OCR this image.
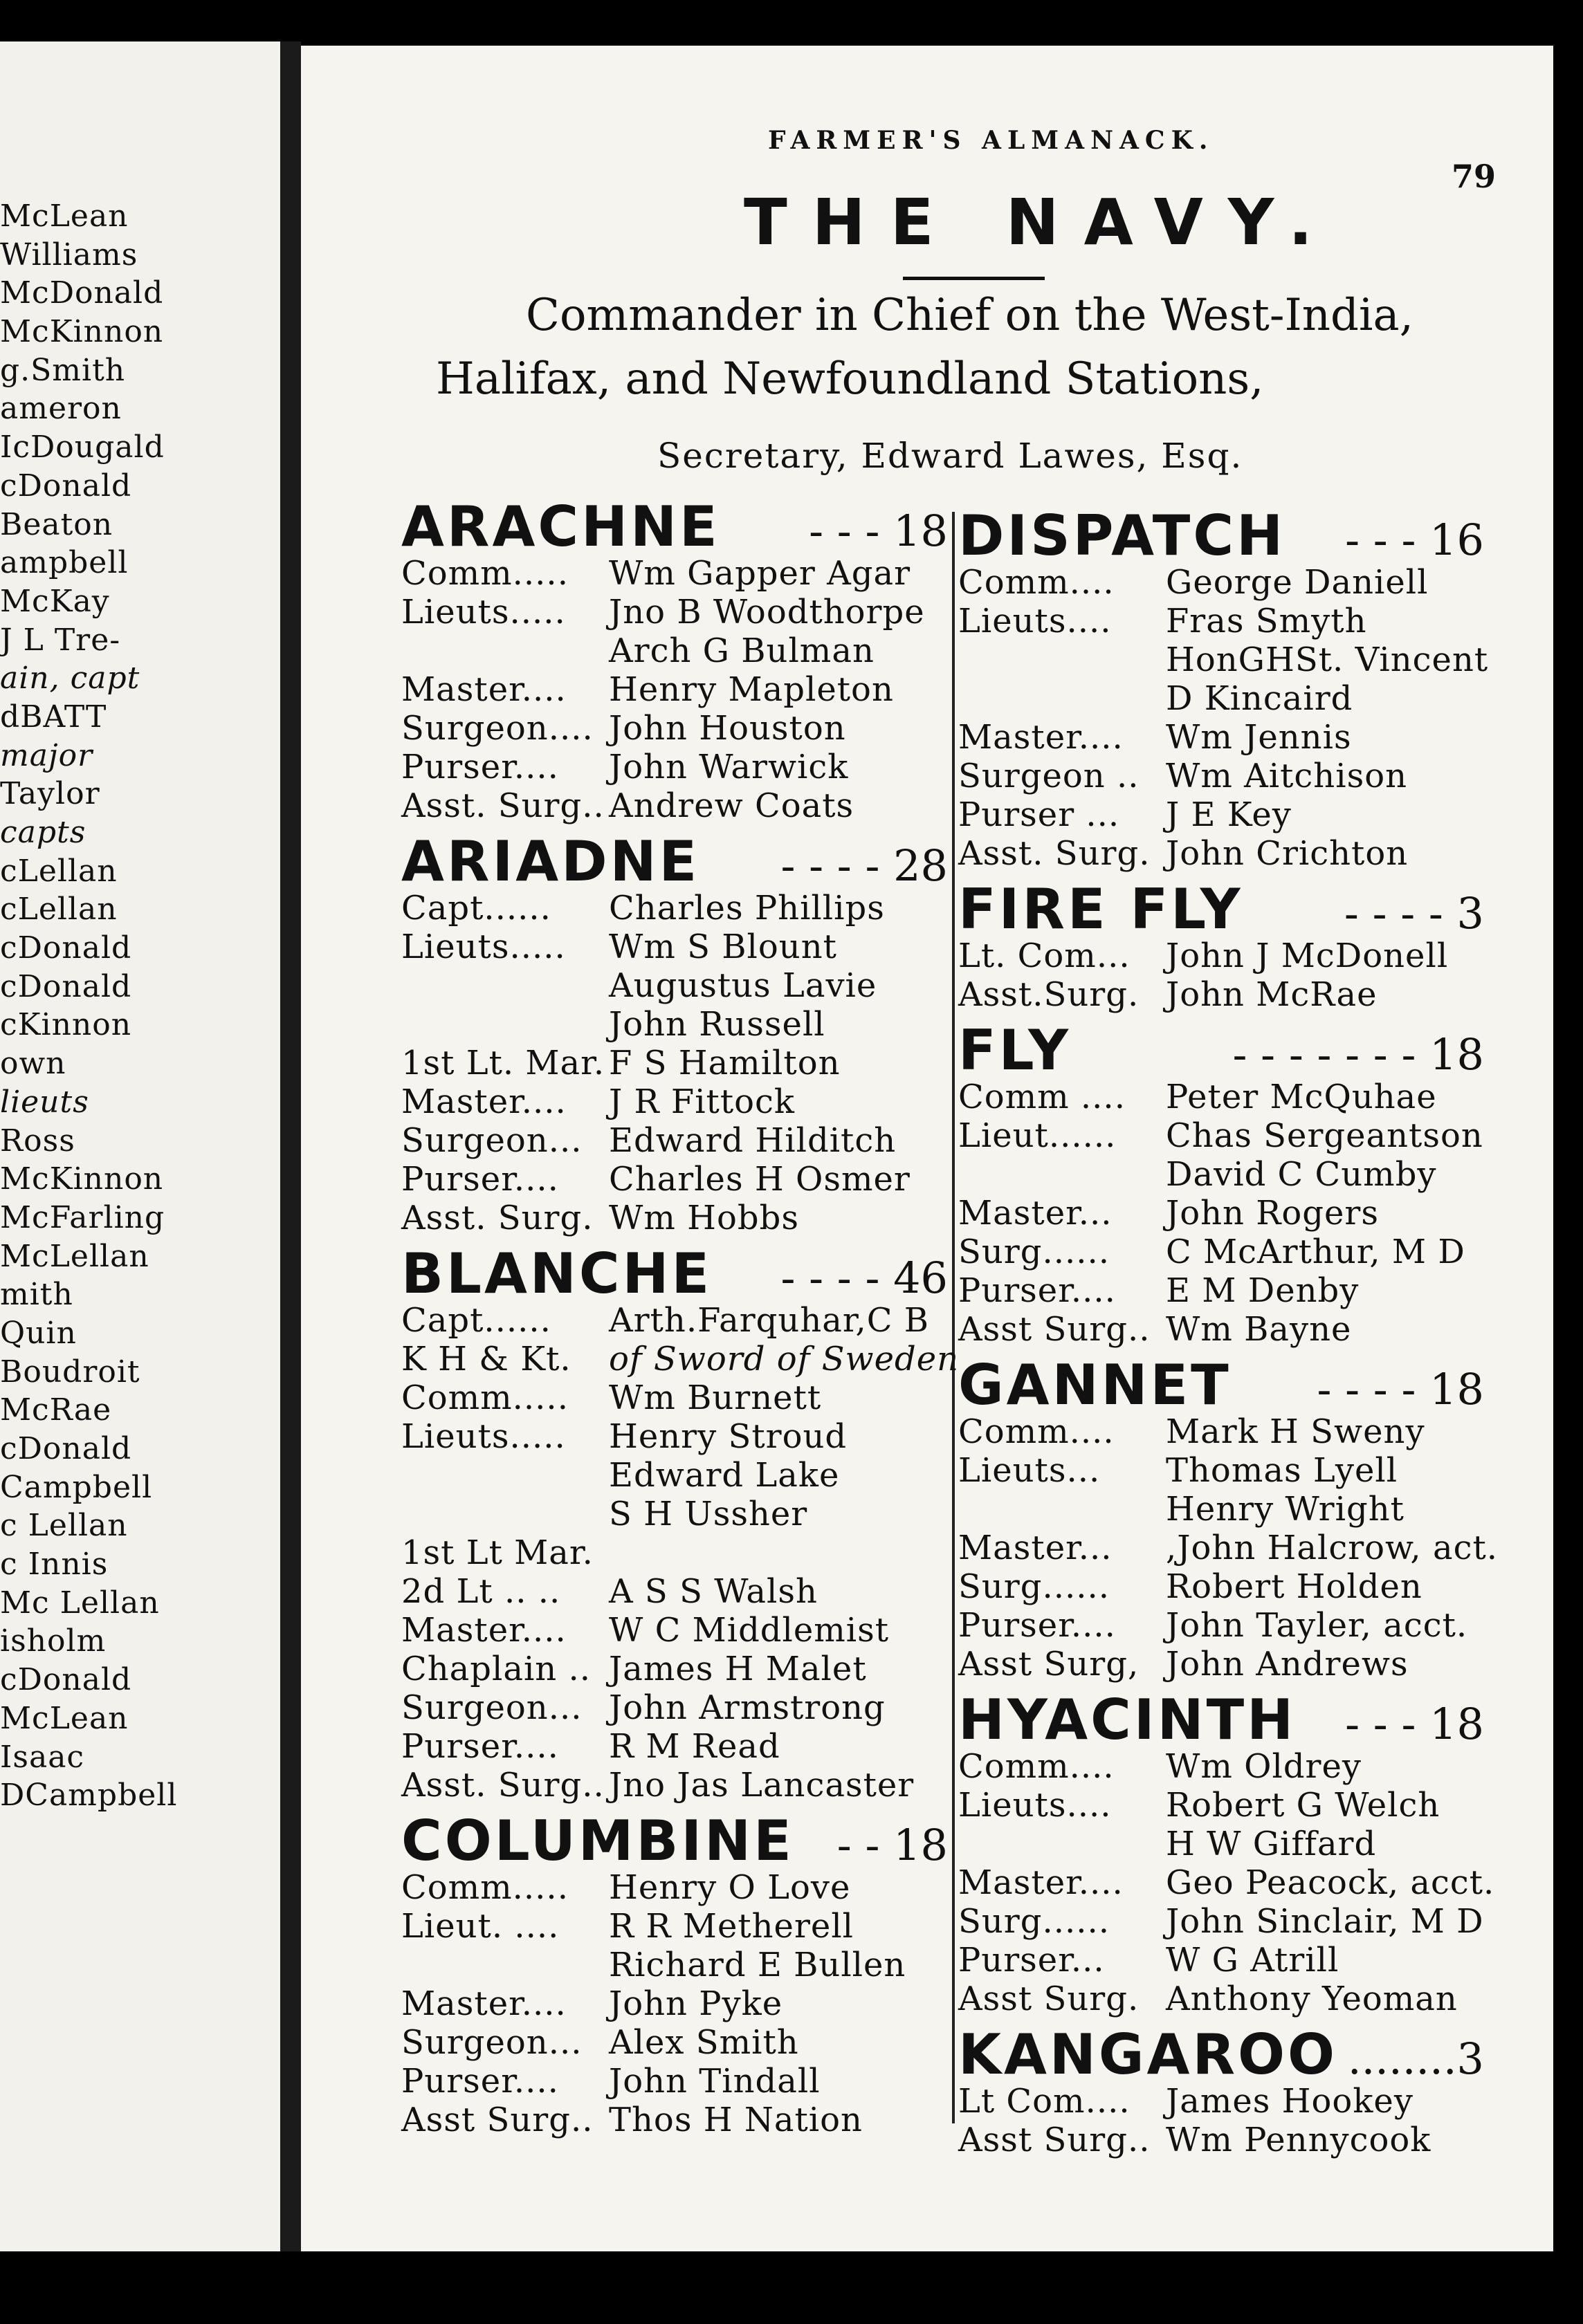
McLean
Williams
McDonald
McKinnon
g.Smith
ameron
IcDougald
cDonald
Beaton
ampbell
McKay
J L Tre-
ain, capt
dBATT
major
Taylor
capts
cLellan
cLellan
cDonald
cDonald
cKinnon
own
lieuts
Ross
McKinnon
McFarling
McLellan
mith
Quin
Boudroit
McRae
cDonald
Campbell
c Lellan
c Innis
Mc Lellan
isholm
cDonald
McLean
Isaac
DCampbell
FARMER'S ALMANACK.
79
THE NAVY.
Commander in Chief on the West-India,
Halifax, and Newfoundland Stations,
Secretary, Edward Lawes, Esq.
ARACHNE - - - 18
Comm.....	Wm Gapper Agar
Lieuts.....	Jno B Woodthorpe
Arch G Bulman
Master....	Henry Mapleton
Surgeon.... John Houston
Purser....	John Warwick
Asst. Surg.. Andrew Coats
ARIADNE - - - - 28
Capt......	Charles Phillips
Lieuts.....	Wm S Blount
Augustus Lavie
John Russell
1st Lt. Mar. F S Hamilton
Master....	J R Fittock
Surgeon... Edward Hilditch
Purser....	Charles H Osmer
Asst. Surg. Wm Hobbs
BLANCHE - - - - 46
Capt......	Arth.Farquhar,C B
K H & Kt.	of Sword of Sweden
Comm.....	Wm Burnett
Lieuts.....	Henry Stroud
Edward Lake
S H Ussher
1st Lt Mar.
2d Lt .. ..	A S S Walsh
Master....	W C Middlemist
Chaplain .. James H Malet
Surgeon... John Armstrong
Purser....	R M Read
Asst. Surg.. Jno Jas Lancaster
COLUMBINE - - 18
Comm.....	Henry O Love
Lieut. ....	R R Metherell
Richard E Bullen
Master....	John Pyke
Surgeon... Alex Smith
Purser....	John Tindall
Asst Surg.. Thos H Nation
DISPATCH - - - 16
Comm....	George Daniell
Lieuts....	Fras Smyth
HonGHSt. Vincent
D Kincaird
Master....	Wm Jennis
Surgeon .. Wm Aitchison
Purser ...	J E Key
Asst. Surg. John Crichton
FIRE FLY - - - - 3
Lt. Com...	John J McDonell
Asst.Surg. John McRae
FLY	- - - - - - - 18
Comm ....	Peter McQuhae
Lieut......	Chas Sergeantson
David C Cumby
Master...	John Rogers
Surg......	C McArthur, M D
Purser....	E M Denby
Asst Surg.. Wm Bayne
GANNET - - - - 18
Comm....	Mark H Sweny
Lieuts...	Thomas Lyell
Henry Wright
Master...	,John Halcrow, act.
Surg......	Robert Holden
Purser....	John Tayler, acct.
Asst Surg, John Andrews
HYACINTH - - - 18
Comm....	Wm Oldrey
Lieuts....	Robert G Welch
H W Giffard
Master....	Geo Peacock, acct.
Surg......	John Sinclair, M D
Purser...	W G Atrill
Asst Surg. Anthony Yeoman
KANGAROO ........3
Lt Com....	James Hookey
Asst Surg.. Wm Pennycook
